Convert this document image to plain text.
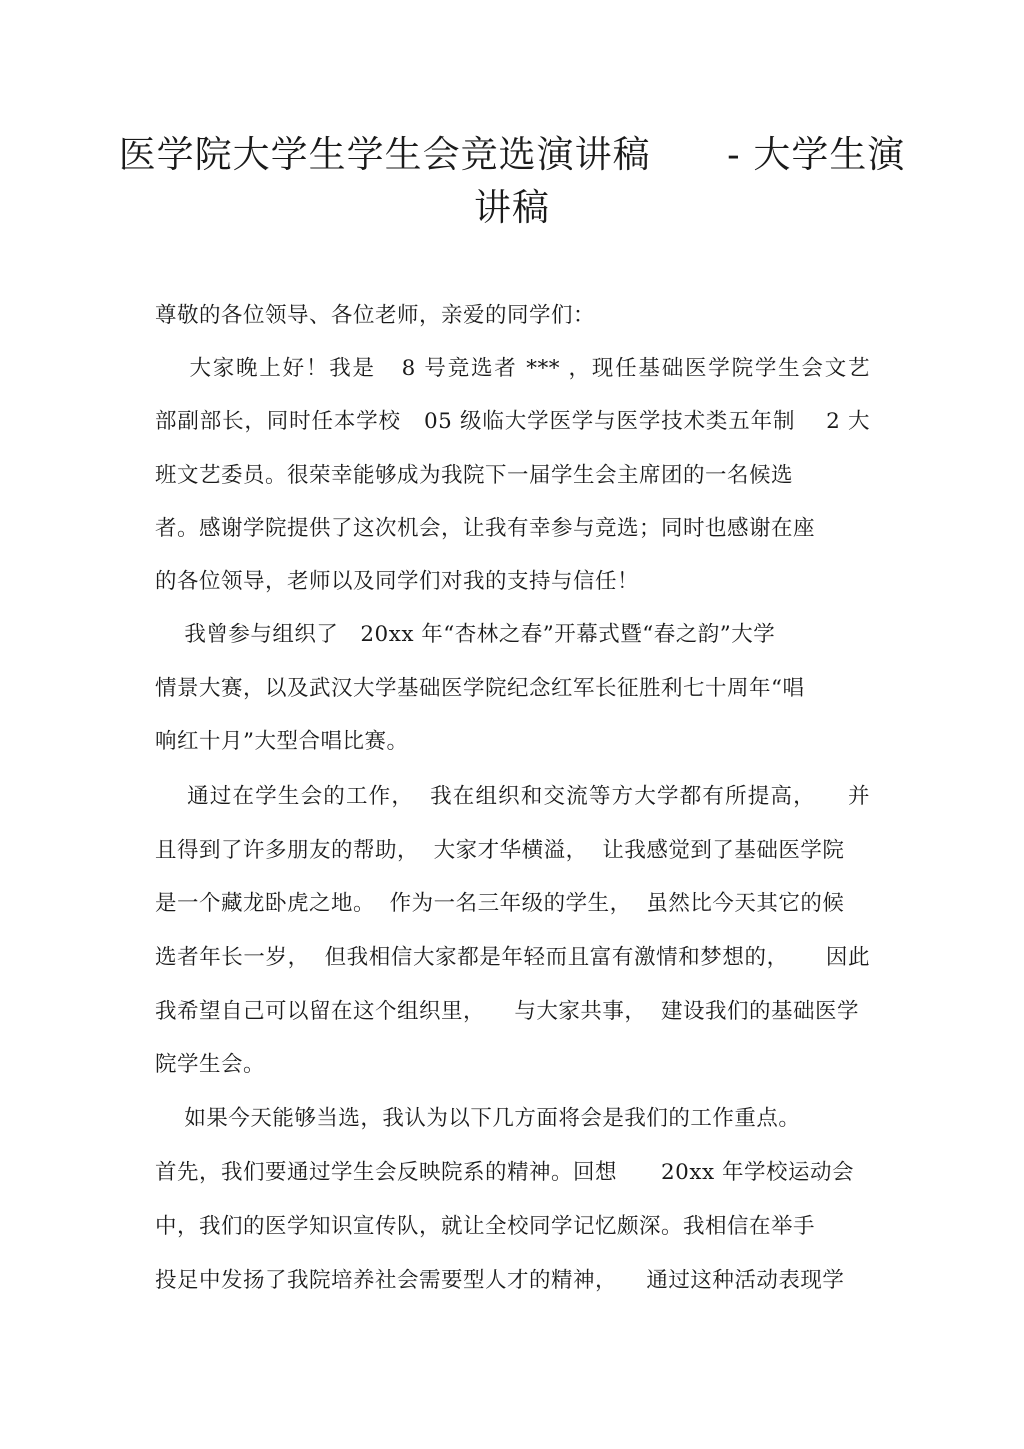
医学院大学生学生会竞选演讲稿      - 大学生演
讲稿
尊敬的各位领导、各位老师，亲爱的同学们：
大家晚上好！我是   8 号竞选者 *** ，现任基础医学院学生会文艺
部副部长，同时任本学校   05 级临大学医学与医学技术类五年制    2 大
班文艺委员。很荣幸能够成为我院下一届学生会主席团的一名候选
者。感谢学院提供了这次机会，让我有幸参与竞选；同时也感谢在座
的各位领导，老师以及同学们对我的支持与信任！
我曾参与组织了   20xx 年“杏林之春”开幕式暨“春之韵”大学
情景大赛，以及武汉大学基础医学院纪念红军长征胜利七十周年“唱
响红十月”大型合唱比赛。
通过在学生会的工作，  我在组织和交流等方大学都有所提高，    并
且得到了许多朋友的帮助，  大家才华横溢，  让我感觉到了基础医学院
是一个藏龙卧虎之地。  作为一名三年级的学生，  虽然比今天其它的候
选者年长一岁，  但我相信大家都是年轻而且富有激情和梦想的，     因此
我希望自己可以留在这个组织里，    与大家共事，  建设我们的基础医学
院学生会。
如果今天能够当选，我认为以下几方面将会是我们的工作重点。
首先，我们要通过学生会反映院系的精神。回想      20xx 年学校运动会
中，我们的医学知识宣传队，就让全校同学记忆颇深。我相信在举手
投足中发扬了我院培养社会需要型人才的精神，    通过这种活动表现学
